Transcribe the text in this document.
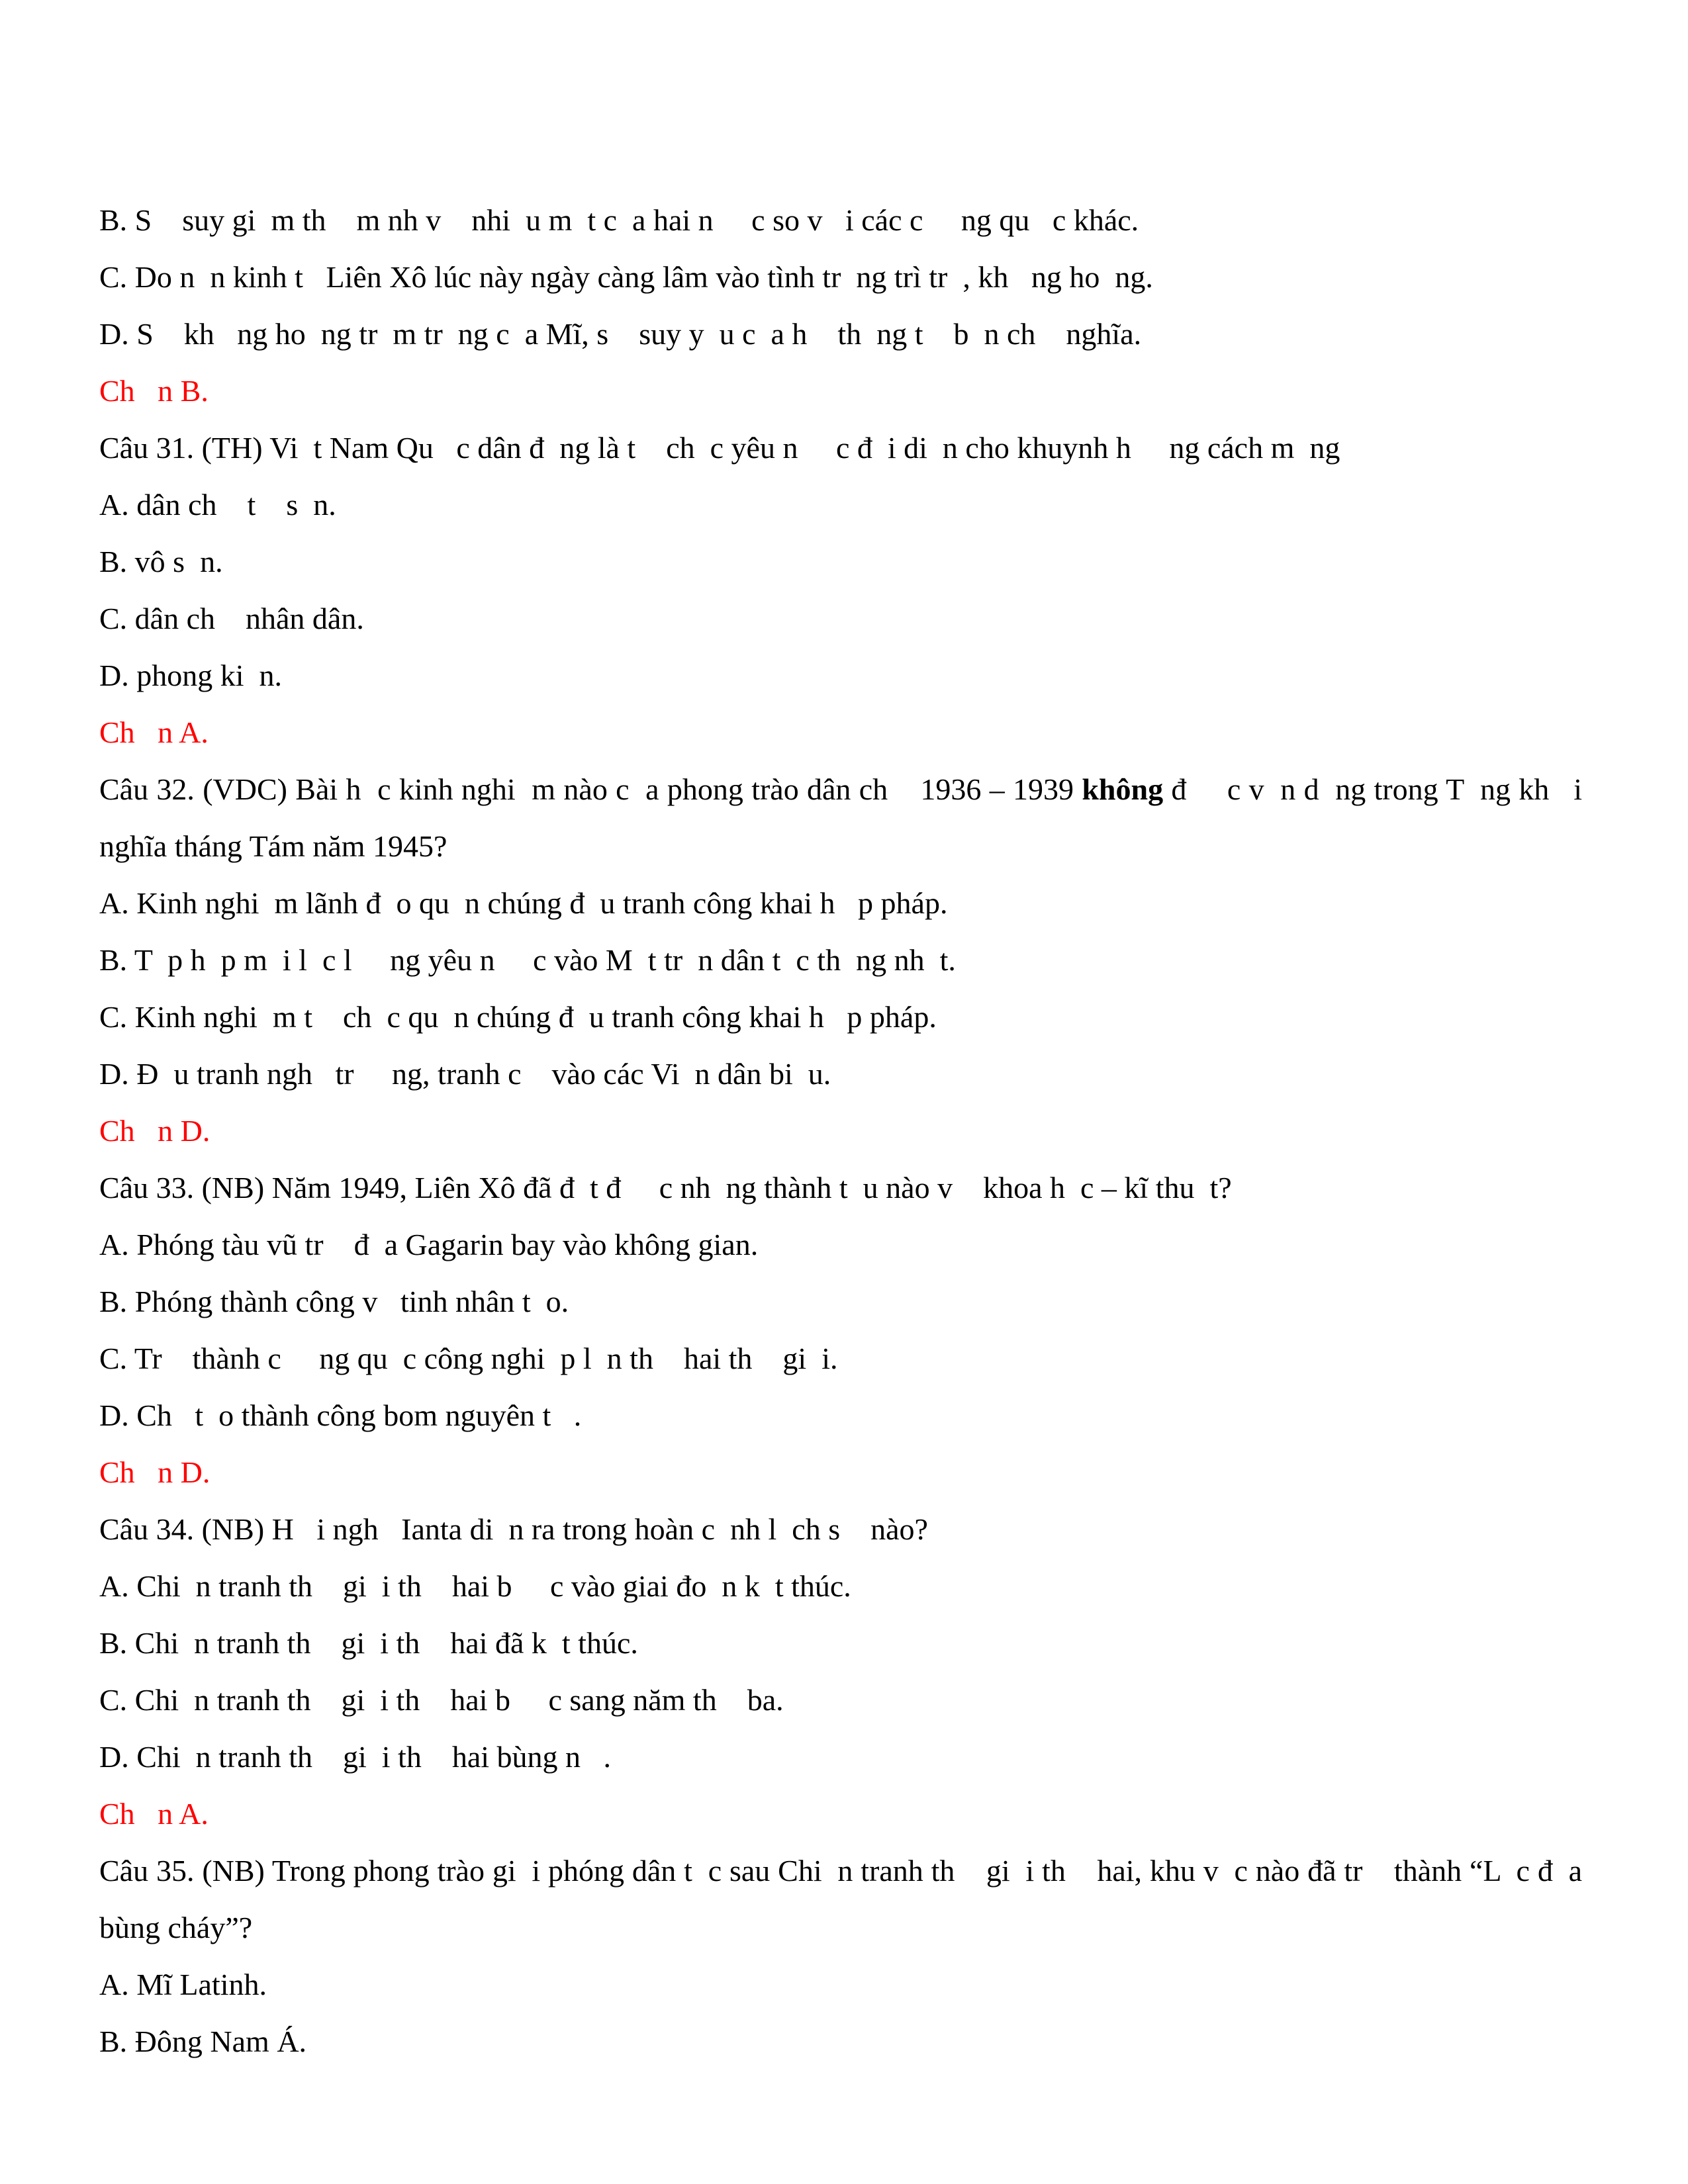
B. S    suy gi  m th    m nh v    nhi  u m  t c  a hai n     c so v   i các c     ng qu   c khác.

C. Do n  n kinh t   Liên Xô lúc này ngày càng lâm vào tình tr  ng trì tr  , kh   ng ho  ng.

D. S    kh   ng ho  ng tr  m tr  ng c  a Mĩ, s    suy y  u c  a h    th  ng t    b  n ch    nghĩa.

Ch   n B.

Câu 31. (TH) Vi  t Nam Qu   c dân đ  ng là t    ch  c yêu n     c đ  i di  n cho khuynh h     ng cách m  ng

A. dân ch    t    s  n.

B. vô s  n.

C. dân ch    nhân dân.

D. phong ki  n.

Ch   n A.

Câu 32. (VDC) Bài h  c kinh nghi  m nào c  a phong trào dân ch    1936 – 1939 không đ     c v  n d  ng trong T  ng kh   i nghĩa tháng Tám năm 1945?

A. Kinh nghi  m lãnh đ  o qu  n chúng đ  u tranh công khai h   p pháp.

B. T  p h  p m  i l  c l     ng yêu n     c vào M  t tr  n dân t  c th  ng nh  t.

C. Kinh nghi  m t    ch  c qu  n chúng đ  u tranh công khai h   p pháp.

D. Đ  u tranh ngh   tr     ng, tranh c    vào các Vi  n dân bi  u.

Ch   n D.

Câu 33. (NB) Năm 1949, Liên Xô đã đ  t đ     c nh  ng thành t  u nào v    khoa h  c – kĩ thu  t?

A. Phóng tàu vũ tr    đ  a Gagarin bay vào không gian.

B. Phóng thành công v   tinh nhân t  o.

C. Tr    thành c     ng qu  c công nghi  p l  n th    hai th    gi  i.

D. Ch   t  o thành công bom nguyên t   .

Ch   n D.

Câu 34. (NB) H   i ngh   Ianta di  n ra trong hoàn c  nh l  ch s    nào?

A. Chi  n tranh th    gi  i th    hai b     c vào giai đo  n k  t thúc.

B. Chi  n tranh th    gi  i th    hai đã k  t thúc.

C. Chi  n tranh th    gi  i th    hai b     c sang năm th    ba.

D. Chi  n tranh th    gi  i th    hai bùng n   .

Ch   n A.

Câu 35. (NB) Trong phong trào gi  i phóng dân t  c sau Chi  n tranh th    gi  i th    hai, khu v  c nào đã tr    thành “L  c đ  a bùng cháy”?

A. Mĩ Latinh.

B. Đông Nam Á.
